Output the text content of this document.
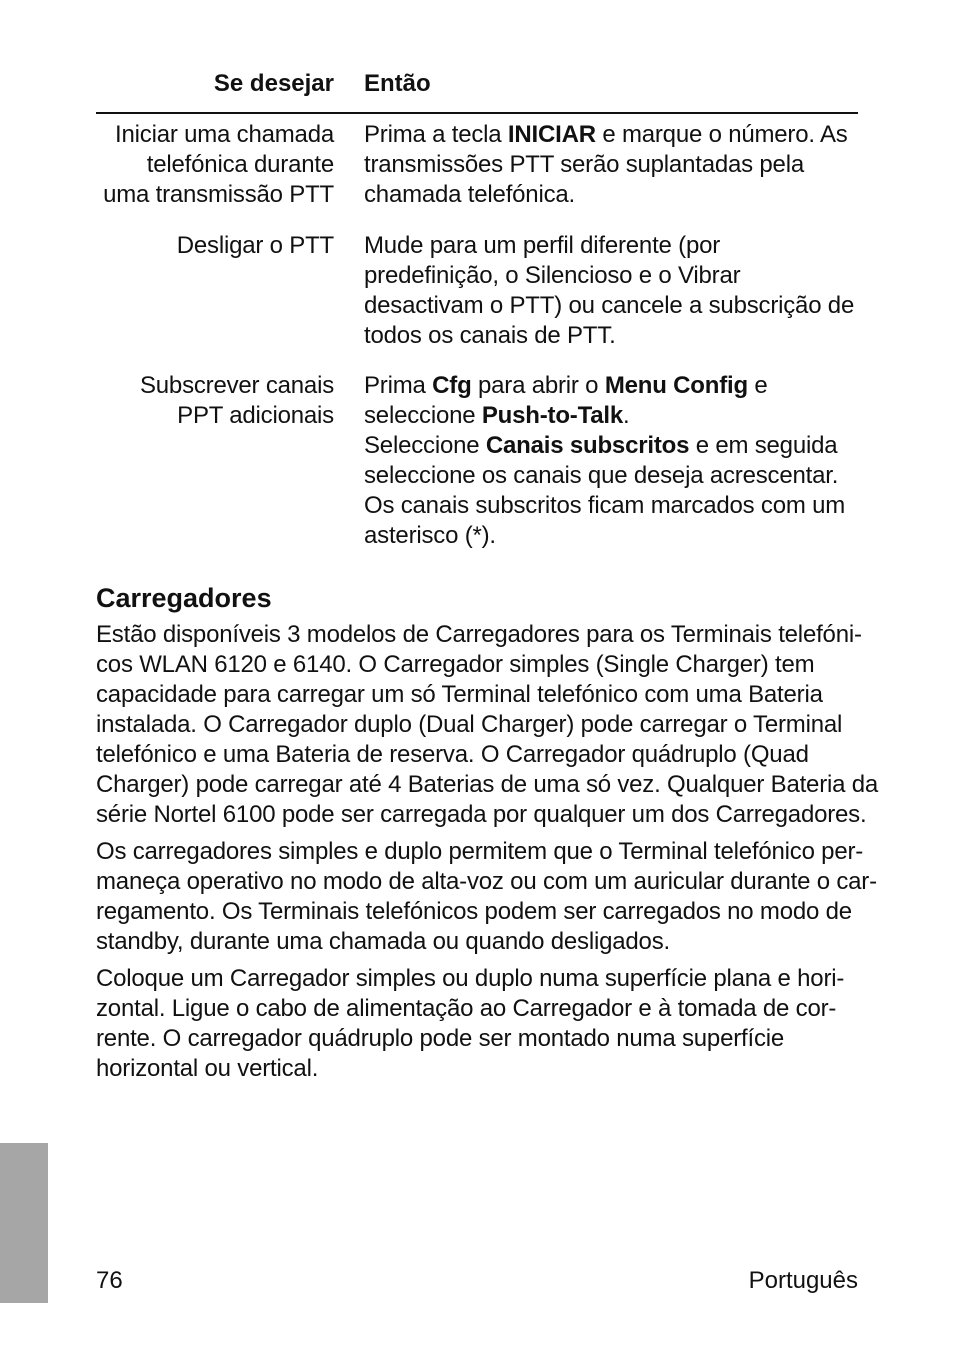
Se desejar Então
Iniciar uma chamada
telefónica durante
uma transmissão PTT
Prima a tecla INICIAR e marque o número. As
transmissões PTT serão suplantadas pela
chamada telefónica.
Desligar o PTT Mude para um perfil diferente (por
predefinição, o Silencioso e o Vibrar
desactivam o PTT) ou cancele a subscrição de
todos os canais de PTT.
Subscrever canais
PPT adicionais
Prima Cfg para abrir o Menu Config e
seleccione Push-to-Talk.
Seleccione Canais subscritos e em seguida
seleccione os canais que deseja acrescentar.
Os canais subscritos ficam marcados com um
asterisco (*).
Carregadores
Estão disponíveis 3 modelos de Carregadores para os Terminais telefóni-
cos WLAN 6120 e 6140. O Carregador simples (Single Charger) tem
capacidade para carregar um só Terminal telefónico com uma Bateria
instalada. O Carregador duplo (Dual Charger) pode carregar o Terminal
telefónico e uma Bateria de reserva. O Carregador quádruplo (Quad
Charger) pode carregar até 4 Baterias de uma só vez. Qualquer Bateria da
série Nortel 6100 pode ser carregada por qualquer um dos Carregadores.
Os carregadores simples e duplo permitem que o Terminal telefónico per-
maneça operativo no modo de alta-voz ou com um auricular durante o car-
regamento. Os Terminais telefónicos podem ser carregados no modo de
standby, durante uma chamada ou quando desligados.
Coloque um Carregador simples ou duplo numa superfície plana e hori-
zontal. Ligue o cabo de alimentação ao Carregador e à tomada de cor-
rente. O carregador quádruplo pode ser montado numa superfície
horizontal ou vertical.
76	Português
